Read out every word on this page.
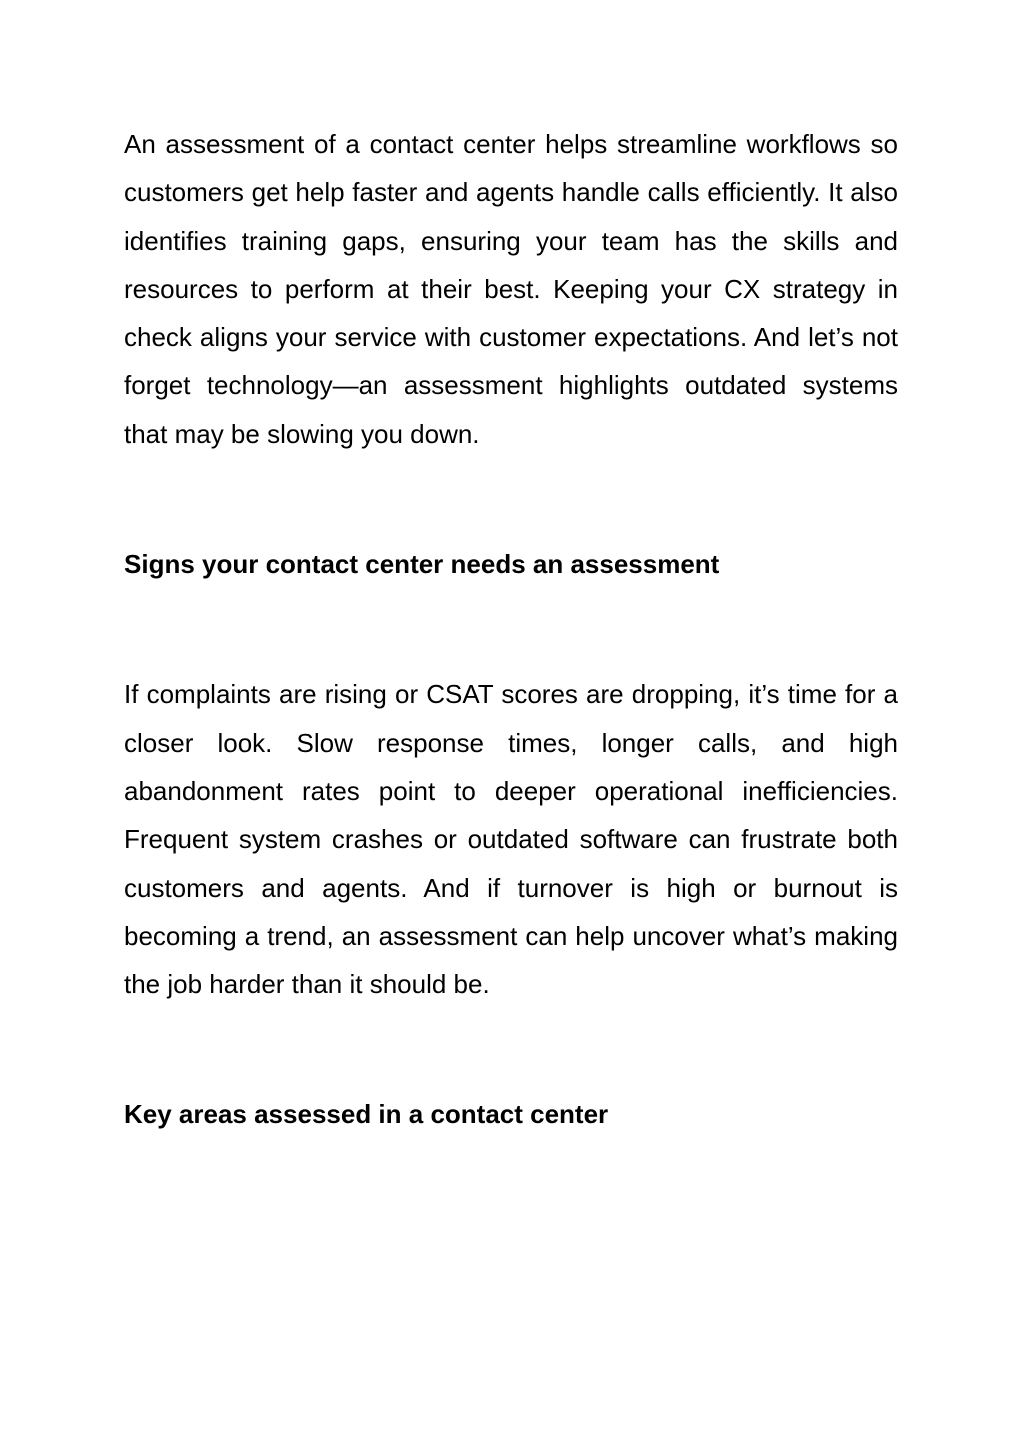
An assessment of a contact center helps streamline workflows so customers get help faster and agents handle calls efficiently. It also identifies training gaps, ensuring your team has the skills and resources to perform at their best. Keeping your CX strategy in check aligns your service with customer expectations. And let’s not forget technology—an assessment highlights outdated systems that may be slowing you down.

Signs your contact center needs an assessment

If complaints are rising or CSAT scores are dropping, it’s time for a closer look. Slow response times, longer calls, and high abandonment rates point to deeper operational inefficiencies. Frequent system crashes or outdated software can frustrate both customers and agents. And if turnover is high or burnout is becoming a trend, an assessment can help uncover what’s making the job harder than it should be.

Key areas assessed in a contact center
